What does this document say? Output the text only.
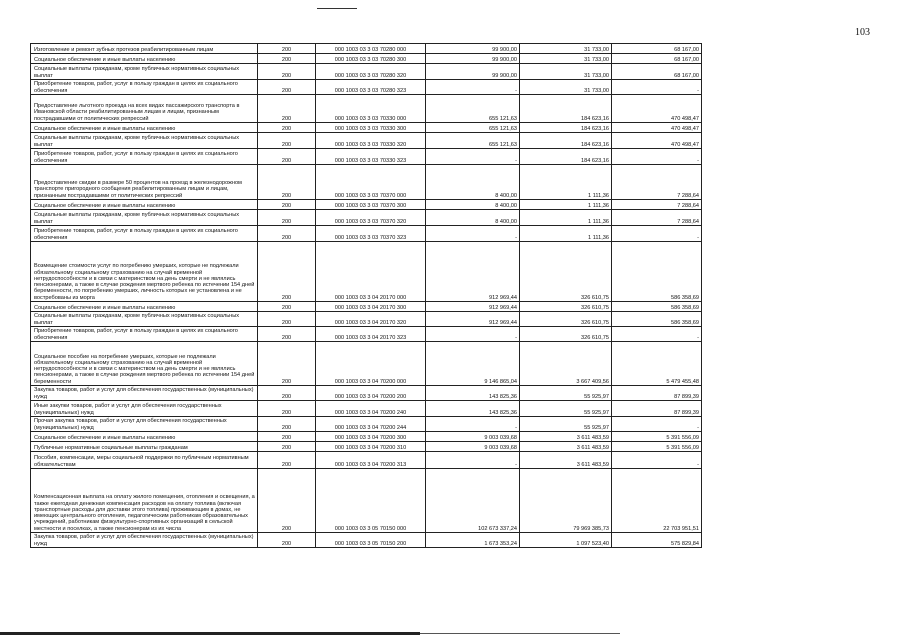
103
Изготовление и ремонт зубных протезов реабилитированным лицам	200	000 1003 03 3 03 70280 000	99 900,00	31 733,00	68 167,00
Социальное обеспечение и иные выплаты населению	200	000 1003 03 3 03 70280 300	99 900,00	31 733,00	68 167,00
Социальные выплаты гражданам, кроме публичных нормативных социальных выплат	200	000 1003 03 3 03 70280 320	99 900,00	31 733,00	68 167,00
Приобретение товаров, работ, услуг в пользу граждан в целях их социального обеспечения	200	000 1003 03 3 03 70280 323	-	31 733,00	-
Предоставление льготного проезда на всех видах пассажирского транспорта в Ивановской области реабилитированным лицам и лицам, признанным пострадавшими от политических репрессий	200	000 1003 03 3 03 70330 000	655 121,63	184 623,16	470 498,47
Социальное обеспечение и иные выплаты населению	200	000 1003 03 3 03 70330 300	655 121,63	184 623,16	470 498,47
Социальные выплаты гражданам, кроме публичных нормативных социальных выплат	200	000 1003 03 3 03 70330 320	655 121,63	184 623,16	470 498,47
Приобретение товаров, работ, услуг в пользу граждан в целях их социального обеспечения	200	000 1003 03 3 03 70330 323	-	184 623,16	-
Предоставление скидки в размере 50 процентов на проезд в железнодорожном транспорте пригородного сообщения реабилитированным лицам и лицам, признанным пострадавшими от политических репрессий	200	000 1003 03 3 03 70370 000	8 400,00	1 111,36	7 288,64
Социальное обеспечение и иные выплаты населению	200	000 1003 03 3 03 70370 300	8 400,00	1 111,36	7 288,64
Социальные выплаты гражданам, кроме публичных нормативных социальных выплат	200	000 1003 03 3 03 70370 320	8 400,00	1 111,36	7 288,64
Приобретение товаров, работ, услуг в пользу граждан в целях их социального обеспечения	200	000 1003 03 3 03 70370 323	-	1 111,36	-
Возмещение стоимости услуг по погребению умерших, которые не подлежали обязательному социальному страхованию на случай временной нетрудоспособности и в связи с материнством на день смерти и не являлись пенсионерами, а также в случае рождения мертвого ребенка по истечении 154 дней беременности, по погребению умерших, личность которых не установлена и не востребованы из морга	200	000 1003 03 3 04 20170 000	912 969,44	326 610,75	586 358,69
Социальное обеспечение и иные выплаты населению	200	000 1003 03 3 04 20170 300	912 969,44	326 610,75	586 358,69
Социальные выплаты гражданам, кроме публичных нормативных социальных выплат	200	000 1003 03 3 04 20170 320	912 969,44	326 610,75	586 358,69
Приобретение товаров, работ, услуг в пользу граждан в целях их социального обеспечения	200	000 1003 03 3 04 20170 323	-	326 610,75	-
Социальное пособие на погребение умерших, которые не подлежали обязательному социальному страхованию на случай временной нетрудоспособности и в связи с материнством на день смерти и не являлись пенсионерами, а также в случае рождения мертвого ребенка по истечении 154 дней беременности	200	000 1003 03 3 04 70200 000	9 146 865,04	3 667 409,56	5 479 455,48
Закупка товаров, работ и услуг для обеспечения государственных (муниципальных) нужд	200	000 1003 03 3 04 70200 200	143 825,36	55 925,97	87 899,39
Иные закупки товаров, работ и услуг для обеспечения государственных (муниципальных) нужд	200	000 1003 03 3 04 70200 240	143 825,36	55 925,97	87 899,39
Прочая закупка товаров, работ и услуг для обеспечения государственных (муниципальных) нужд	200	000 1003 03 3 04 70200 244	-	55 925,97	-
Социальное обеспечение и иные выплаты населению	200	000 1003 03 3 04 70200 300	9 003 039,68	3 611 483,59	5 391 556,09
Публичные нормативные социальные выплаты гражданам	200	000 1003 03 3 04 70200 310	9 003 039,68	3 611 483,59	5 391 556,09
Пособия, компенсации, меры социальной поддержки по публичным нормативным обязательствам	200	000 1003 03 3 04 70200 313	-	3 611 483,59	-
Компенсационная выплата на оплату жилого помещения, отопления и освещения, а также ежегодная денежная компенсация расходов на оплату топлива (включая транспортные расходы для доставки этого топлива) проживающим в домах, не имеющих центрального отопления, педагогическим работникам образовательных учреждений, работникам физкультурно-спортивных организаций в сельской местности и поселках, а также пенсионерам из их числа	200	000 1003 03 3 05 70150 000	102 673 337,24	79 969 385,73	22 703 951,51
Закупка товаров, работ и услуг для обеспечения государственных (муниципальных) нужд	200	000 1003 03 3 05 70150 200	1 673 353,24	1 097 523,40	575 829,84
